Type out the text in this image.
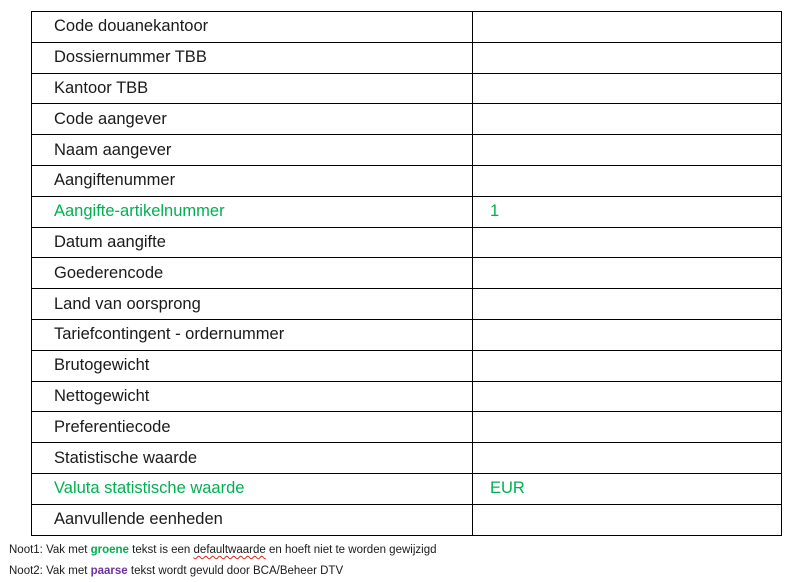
Code douanekantoor	
Dossiernummer TBB	
Kantoor TBB	
Code aangever	
Naam aangever	
Aangiftenummer	
Aangifte-artikelnummer	1
Datum aangifte	
Goederencode	
Land van oorsprong	
Tariefcontingent - ordernummer	
Brutogewicht	
Nettogewicht	
Preferentiecode	
Statistische waarde	
Valuta statistische waarde	EUR
Aanvullende eenheden	
Noot1: Vak met groene tekst is een defaultwaarde en hoeft niet te worden gewijzigd
Noot2: Vak met paarse tekst wordt gevuld door BCA/Beheer DTV
